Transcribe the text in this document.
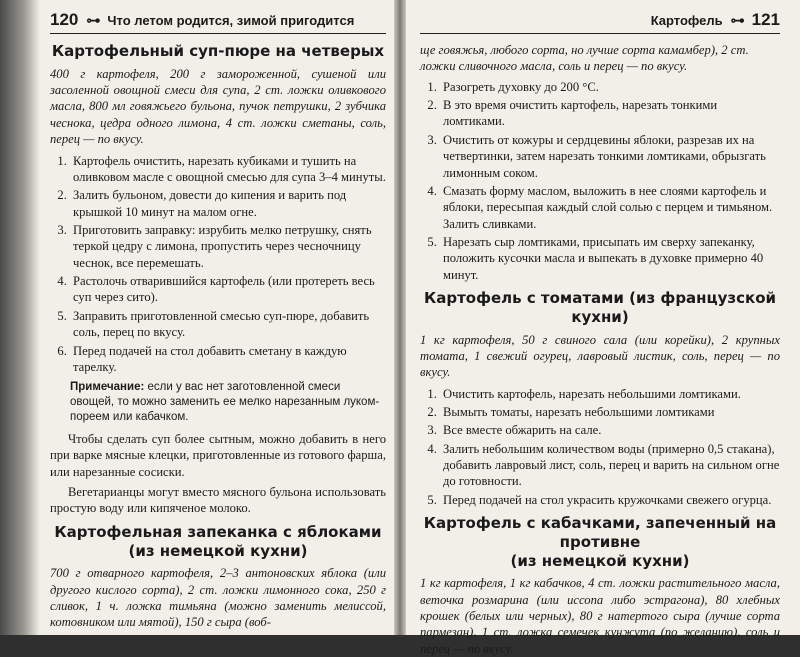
120 ⊶ Что летом родится, зимой пригодится
Картофельный суп-пюре на четверых
400 г картофеля, 200 г замороженной, сушеной или засоленной овощной смеси для супа, 2 ст. ложки оливкового масла, 800 мл говяжьего бульона, пучок петрушки, 2 зубчика чеснока, цедра одного лимона, 4 ст. ложки сметаны, соль, перец — по вкусу.
1. Картофель очистить, нарезать кубиками и тушить на оливковом масле с овощной смесью для супа 3–4 минуты.
2. Залить бульоном, довести до кипения и варить под крышкой 10 минут на малом огне.
3. Приготовить заправку: изрубить мелко петрушку, снять теркой цедру с лимона, пропустить через чесночницу чеснок, все перемешать.
4. Растолочь отварившийся картофель (или протереть весь суп через сито).
5. Заправить приготовленной смесью суп-пюре, добавить соль, перец по вкусу.
6. Перед подачей на стол добавить сметану в каждую тарелку.
Примечание: если у вас нет заготовленной смеси овощей, то можно заменить ее мелко нарезанным луком-пореем или кабачком.

Чтобы сделать суп более сытным, можно добавить в него при варке мясные клецки, приготовленные из готового фарша, или нарезанные сосиски.

Вегетарианцы могут вместо мясного бульона использовать простую воду или кипяченое молоко.

Картофельная запеканка с яблоками
(из немецкой кухни)
700 г отварного картофеля, 2–3 антоновских яблока (или другого кислого сорта), 2 ст. ложки лимонного сока, 250 г сливок, 1 ч. ложка тимьяна (можно заменить мелиссой, котовником или мятой), 150 г сыра (воб-
Картофель ⊶ 121
ще говяжья, любого сорта, но лучше сорта камамбер), 2 ст. ложки сливочного масла, соль и перец — по вкусу.
1. Разогреть духовку до 200 °C.
2. В это время очистить картофель, нарезать тонкими ломтиками.
3. Очистить от кожуры и сердцевины яблоки, разрезав их на четвертинки, затем нарезать тонкими ломтиками, обрызгать лимонным соком.
4. Смазать форму маслом, выложить в нее слоями картофель и яблоки, пересыпая каждый слой солью с перцем и тимьяном. Залить сливками.
5. Нарезать сыр ломтиками, присыпать им сверху запеканку, положить кусочки масла и выпекать в духовке примерно 40 минут.
Картофель с томатами (из французской кухни)
1 кг картофеля, 50 г свиного сала (или корейки), 2 крупных томата, 1 свежий огурец, лавровый листик, соль, перец — по вкусу.
1. Очистить картофель, нарезать небольшими ломтиками.
2. Вымыть томаты, нарезать небольшими ломтиками
3. Все вместе обжарить на сале.
4. Залить небольшим количеством воды (примерно 0,5 стакана), добавить лавровый лист, соль, перец и варить на сильном огне до готовности.
5. Перед подачей на стол украсить кружочками свежего огурца.
Картофель с кабачками, запеченный на противне
(из немецкой кухни)
1 кг картофеля, 1 кг кабачков, 4 ст. ложки растительного масла, веточка розмарина (или иссопа либо эстрагона), 80 хлебных крошек (белых или черных), 80 г натертого сыра (лучше сорта пармезан), 1 ст. ложка семечек кунжута (по желанию), соль и перец — по вкусу.
